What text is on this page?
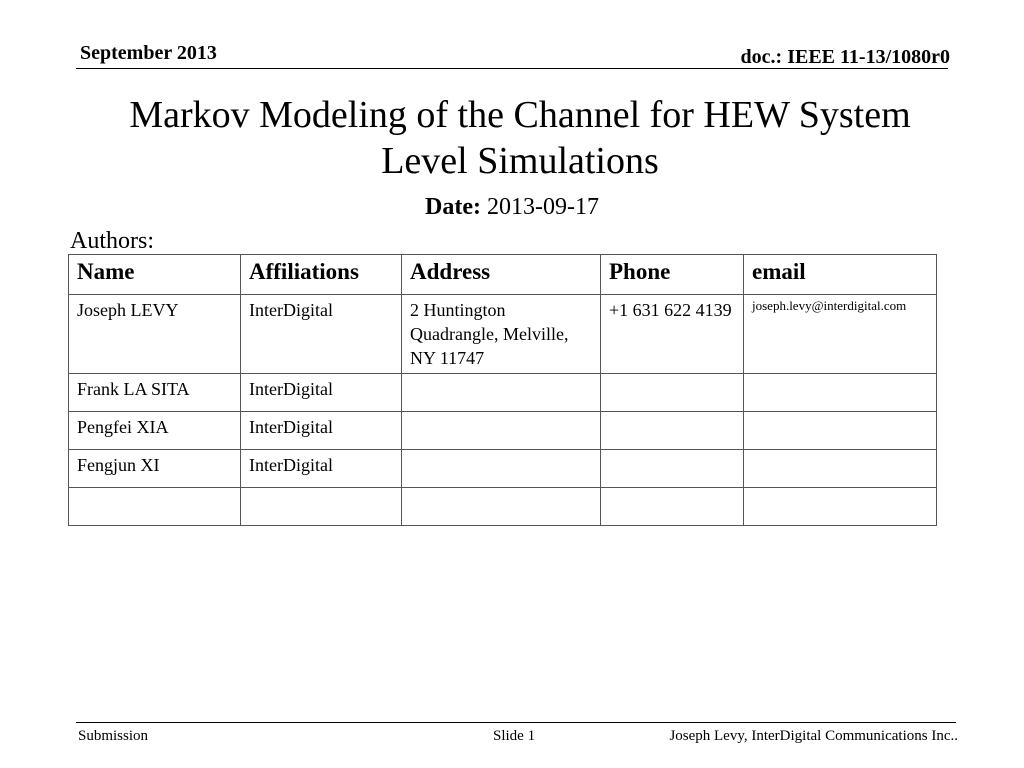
September 2013	doc.: IEEE 11-13/1080r0
Markov Modeling of the Channel for HEW System
Level Simulations
Date: 2013-09-17
Authors:
Name	Affiliations	Address	Phone	email
Joseph LEVY	InterDigital	2 Huntington Quadrangle, Melville, NY 11747	+1 631 622 4139	joseph.levy@interdigital.com
Frank LA SITA	InterDigital			
Pengfei XIA	InterDigital			
Fengjun XI	InterDigital			

Submission	Slide 1	Joseph Levy, InterDigital Communications Inc..
